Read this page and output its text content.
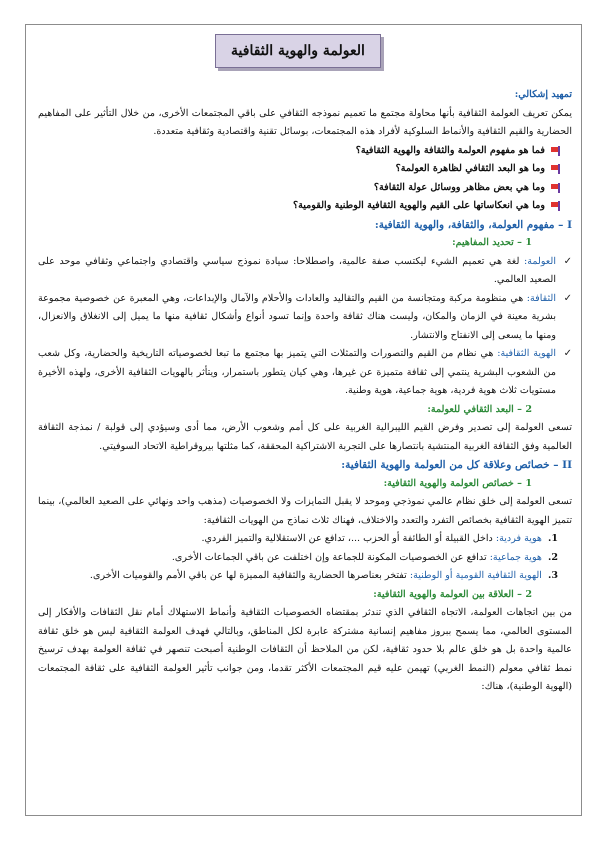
العولمة والهوية الثقافية

تمهيد إشكالي:

يمكن تعريف العولمة الثقافية بأنها محاولة مجتمع ما تعميم نموذجه الثقافي على باقي المجتمعات الأخرى، من خلال التأثير على المفاهيم الحضارية والقيم الثقافية والأنماط السلوكية لأفراد هذه المجتمعات، بوسائل تقنية واقتصادية وثقافية متعددة.

فما هو مفهوم العولمة والثقافة والهوية الثقافية؟
وما هو البعد الثقافي لظاهرة العولمة؟
وما هي بعض مظاهر ووسائل عولة الثقافة؟
وما هي انعكاساتها على القيم والهوية الثقافية الوطنية والقومية؟

I – مفهوم العولمة، والثقافة، والهوية الثقافية:

1 – تحديد المفاهيم:

✓

العولمة: لغة هي تعميم الشيء ليكتسب صفة عالمية، واصطلاحا: سيادة نموذج سياسي واقتصادي واجتماعي وثقافي موحد على الصعيد العالمي.

✓

الثقافة: هي منظومة مركبة ومتجانسة من القيم والتقاليد والعادات والأحلام والآمال والإبداعات، وهي المعبرة عن خصوصية مجموعة بشرية معينة في الزمان والمكان، وليست هناك ثقافة واحدة وإنما تسود أنواع وأشكال ثقافية منها ما يميل إلى الانغلاق والانعزال، ومنها ما يسعى إلى الانفتاح والانتشار.

✓

الهوية الثقافية: هي نظام من القيم والتصورات والتمثلات التي يتميز بها مجتمع ما تبعا لخصوصياته التاريخية والحضارية، وكل شعب من الشعوب البشرية ينتمي إلى ثقافة متميزة عن غيرها، وهي كيان يتطور باستمرار، ويتأثر بالهويات الثقافية الأخرى، ولهذه الأخيرة مستويات ثلاث هوية فردية، هوية جماعية، هوية وطنية.

2 – البعد الثقافي للعولمة:

تسعى العولمة إلى تصدير وفرض القيم الليبرالية الغربية على كل أمم وشعوب الأرض، مما أدى وسيؤدي إلى قولبة / نمذجة الثقافة العالمية وفق الثقافة الغربية المنتشية بانتصارها على التجربة الاشتراكية المحققة، كما مثلتها بيروقراطية الاتحاد السوفيتي.

II – خصائص وعلاقة كل من العولمة والهوية الثقافية:

1 – خصائص العولمة والهوية الثقافية:

تسعى العولمة إلى خلق نظام عالمي نموذجي وموحد لا يقبل التمايزات ولا الخصوصيات (مذهب واحد ونهائي على الصعيد العالمي)، بينما تتميز الهوية الثقافية بخصائص التفرد والتعدد والاختلاف، فهناك ثلاث نماذج من الهويات الثقافية:

1.

هوية فردية: داخل القبيلة أو الطائفة أو الحزب ...، تدافع عن الاستقلالية والتميز الفردي.

2.

هوية جماعية: تدافع عن الخصوصيات المكونة للجماعة وإن اختلفت عن باقي الجماعات الأخرى.

3.

الهوية الثقافية القومية أو الوطنية: تفتخر بعناصرها الحضارية والثقافية المميزة لها عن باقي الأمم والقوميات الأخرى.

2 – العلاقة بين العولمة والهوية الثقافية:

من بين اتجاهات العولمة، الاتجاه الثقافي الذي تندثر بمقتضاه الخصوصيات الثقافية وأنماط الاستهلاك أمام نقل الثقافات والأفكار إلى المستوى العالمي، مما يسمح ببروز مفاهيم إنسانية مشتركة عابرة لكل المناطق، وبالتالي فهدف العولمة الثقافية ليس هو خلق ثقافة عالمية واحدة بل هو خلق عالم بلا حدود ثقافية، لكن من الملاحظ أن الثقافات الوطنية أصبحت تنصهر في ثقافة العولمة بهدف ترسيخ نمط ثقافي معولم (النمط الغربي) تهيمن عليه قيم المجتمعات الأكثر تقدما، ومن جوانب تأثير العولمة الثقافية على ثقافة المجتمعات (الهوية الوطنية)، هناك:
